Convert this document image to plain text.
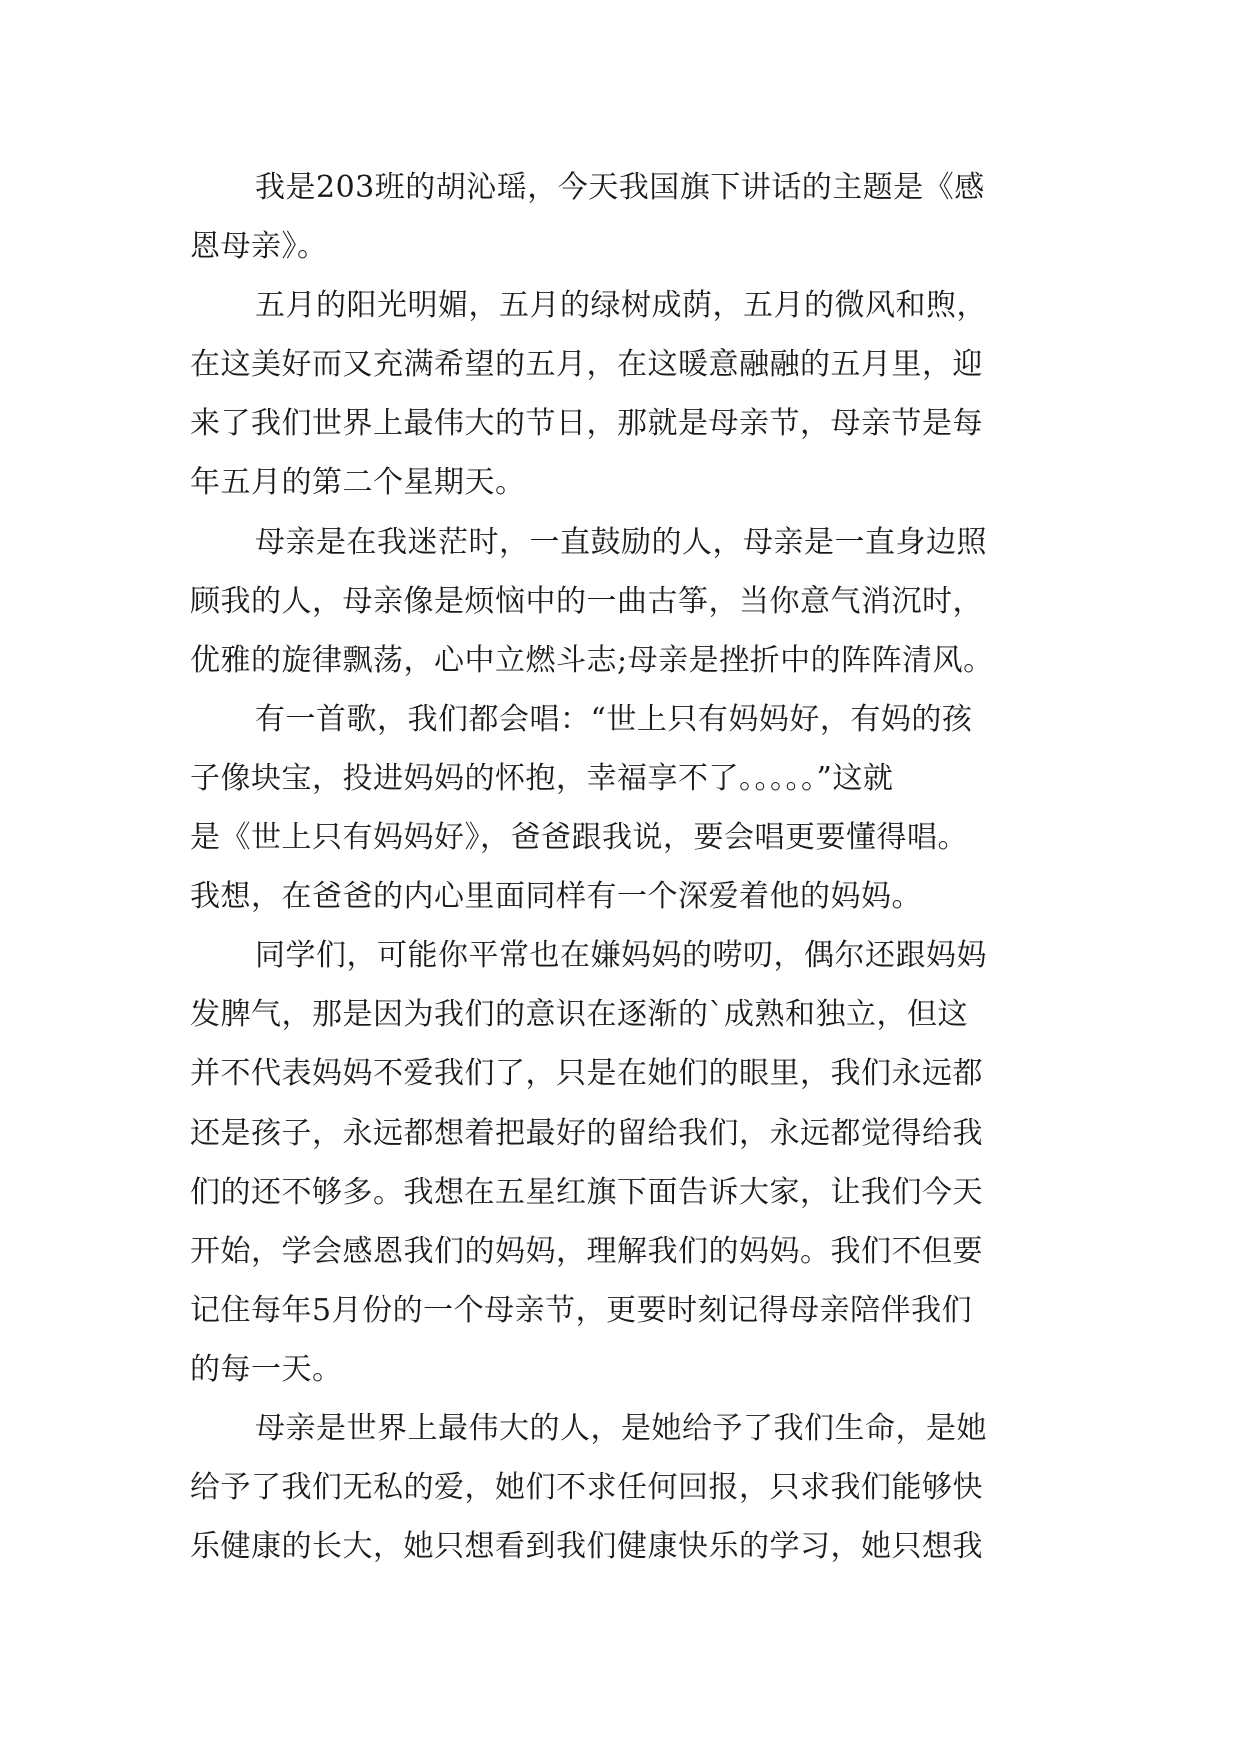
我是203班的胡沁瑶，今天我国旗下讲话的主题是《感
恩母亲》。
五月的阳光明媚，五月的绿树成荫，五月的微风和煦，
在这美好而又充满希望的五月，在这暖意融融的五月里，迎
来了我们世界上最伟大的节日，那就是母亲节，母亲节是每
年五月的第二个星期天。
母亲是在我迷茫时，一直鼓励的人，母亲是一直身边照
顾我的人，母亲像是烦恼中的一曲古筝，当你意气消沉时，
优雅的旋律飘荡，心中立燃斗志;母亲是挫折中的阵阵清风。
有一首歌，我们都会唱：“世上只有妈妈好，有妈的孩
子像块宝，投进妈妈的怀抱，幸福享不了。。。。。”这就
是《世上只有妈妈好》，爸爸跟我说，要会唱更要懂得唱。
我想，在爸爸的内心里面同样有一个深爱着他的妈妈。
同学们，可能你平常也在嫌妈妈的唠叨，偶尔还跟妈妈
发脾气，那是因为我们的意识在逐渐的`成熟和独立，但这
并不代表妈妈不爱我们了，只是在她们的眼里，我们永远都
还是孩子，永远都想着把最好的留给我们，永远都觉得给我
们的还不够多。我想在五星红旗下面告诉大家，让我们今天
开始，学会感恩我们的妈妈，理解我们的妈妈。我们不但要
记住每年5月份的一个母亲节，更要时刻记得母亲陪伴我们
的每一天。
母亲是世界上最伟大的人，是她给予了我们生命，是她
给予了我们无私的爱，她们不求任何回报，只求我们能够快
乐健康的长大，她只想看到我们健康快乐的学习，她只想我
